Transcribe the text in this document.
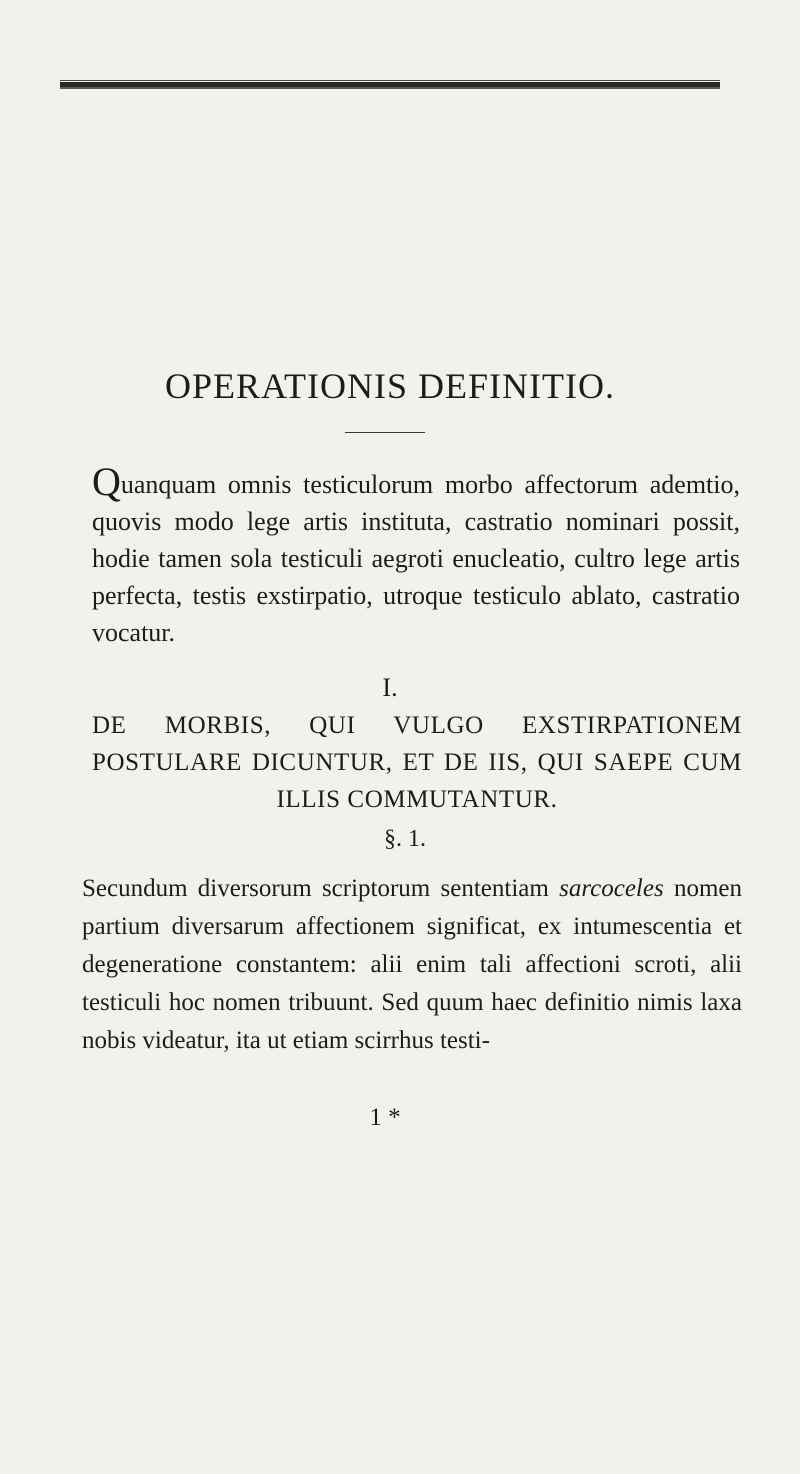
OPERATIONIS DEFINITIO.

Quanquam omnis testiculorum morbo affectorum ademtio, quovis modo lege artis instituta, castratio nominari possit, hodie tamen sola testiculi aegroti enucleatio, cultro lege artis perfecta, testis exstirpatio, utroque testiculo ablato, castratio vocatur.

I.

DE MORBIS, QUI VULGO EXSTIRPATIONEM POSTULARE DICUNTUR, ET DE IIS, QUI SAEPE CUM ILLIS COMMUTANTUR.

§. 1.

Secundum diversorum scriptorum sententiam sarcoceles nomen partium diversarum affectionem significat, ex intumescentia et degeneratione constantem: alii enim tali affectioni scroti, alii testiculi hoc nomen tribuunt. Sed quum haec definitio nimis laxa nobis videatur, ita ut etiam scirrhus testi-

1 *
